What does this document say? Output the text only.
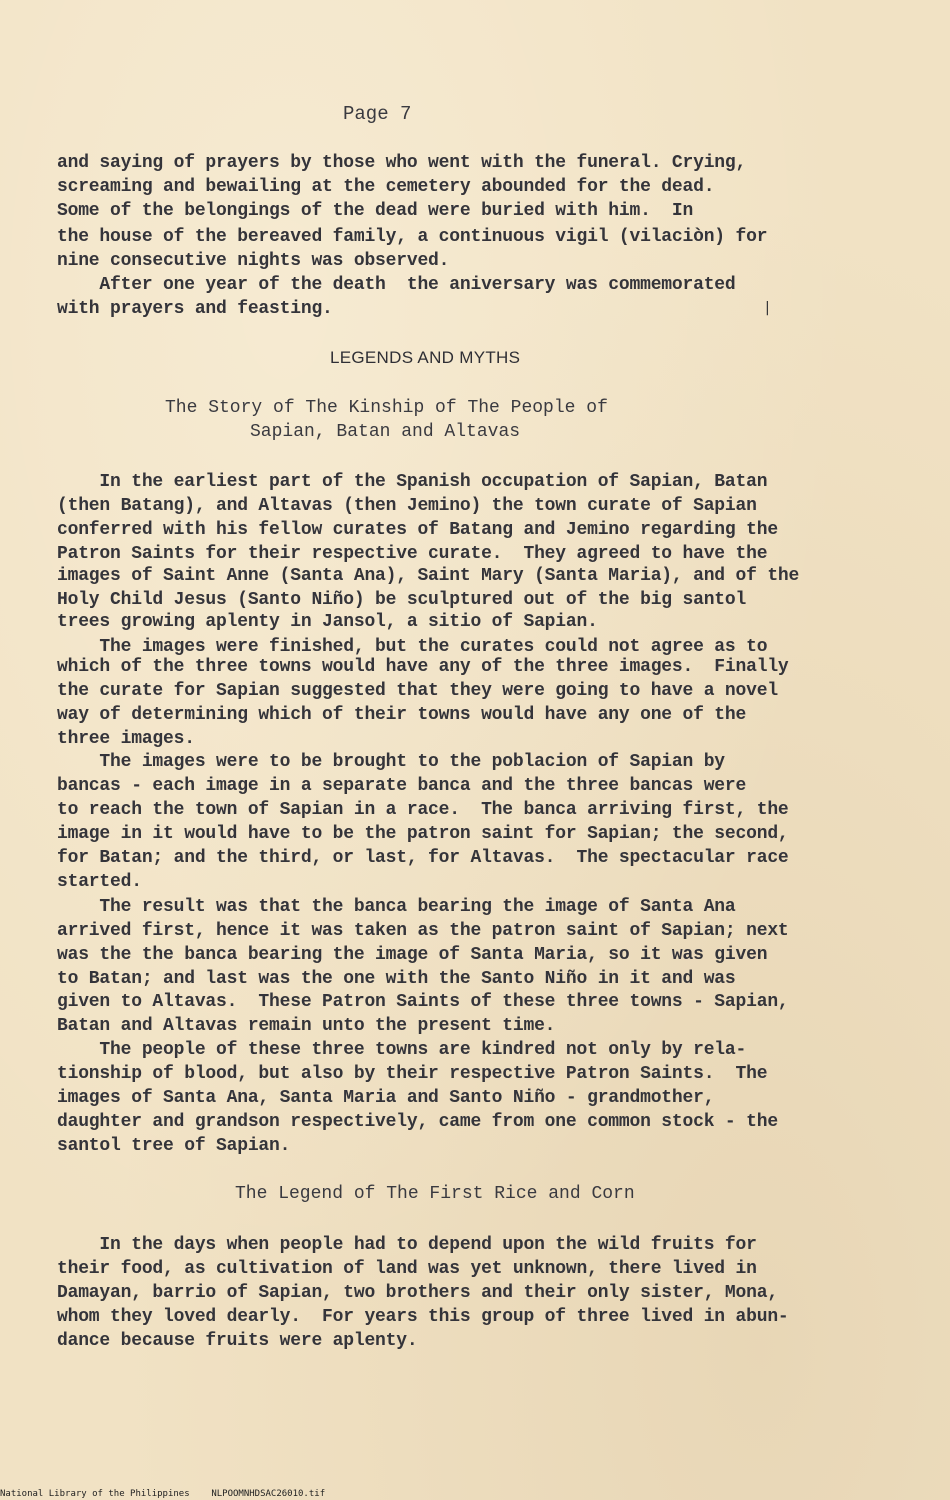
Page 7
and saying of prayers by those who went with the funeral. Crying,
screaming and bewailing at the cemetery abounded for the dead.
Some of the belongings of the dead were buried with him.  In
the house of the bereaved family, a continuous vigil (vilaciòn) for
nine consecutive nights was observed.
After one year of the death  the aniversary was commemorated
with prayers and feasting.	|
LEGENDS AND MYTHS
The Story of The Kinship of The People of
Sapian, Batan and Altavas
In the earliest part of the Spanish occupation of Sapian, Batan
(then Batang), and Altavas (then Jemino) the town curate of Sapian
conferred with his fellow curates of Batang and Jemino regarding the
Patron Saints for their respective curate.  They agreed to have the
images of Saint Anne (Santa Ana), Saint Mary (Santa Maria), and of the
Holy Child Jesus (Santo Niño) be sculptured out of the big santol
trees growing aplenty in Jansol, a sitio of Sapian.
The images were finished, but the curates could not agree as to
which of the three towns would have any of the three images.  Finally
the curate for Sapian suggested that they were going to have a novel
way of determining which of their towns would have any one of the
three images.
The images were to be brought to the poblacion of Sapian by
bancas - each image in a separate banca and the three bancas were
to reach the town of Sapian in a race.  The banca arriving first, the
image in it would have to be the patron saint for Sapian; the second,
for Batan; and the third, or last, for Altavas.  The spectacular race
started.
The result was that the banca bearing the image of Santa Ana
arrived first, hence it was taken as the patron saint of Sapian; next
was the the banca bearing the image of Santa Maria, so it was given
to Batan; and last was the one with the Santo Niño in it and was
given to Altavas.  These Patron Saints of these three towns - Sapian,
Batan and Altavas remain unto the present time.
The people of these three towns are kindred not only by rela-
tionship of blood, but also by their respective Patron Saints.  The
images of Santa Ana, Santa Maria and Santo Niño - grandmother,
daughter and grandson respectively, came from one common stock - the
santol tree of Sapian.
The Legend of The First Rice and Corn
In the days when people had to depend upon the wild fruits for
their food, as cultivation of land was yet unknown, there lived in
Damayan, barrio of Sapian, two brothers and their only sister, Mona,
whom they loved dearly.  For years this group of three lived in abun-
dance because fruits were aplenty.
National Library of the Philippines    NLPOOMNHDSAC26010.tif
